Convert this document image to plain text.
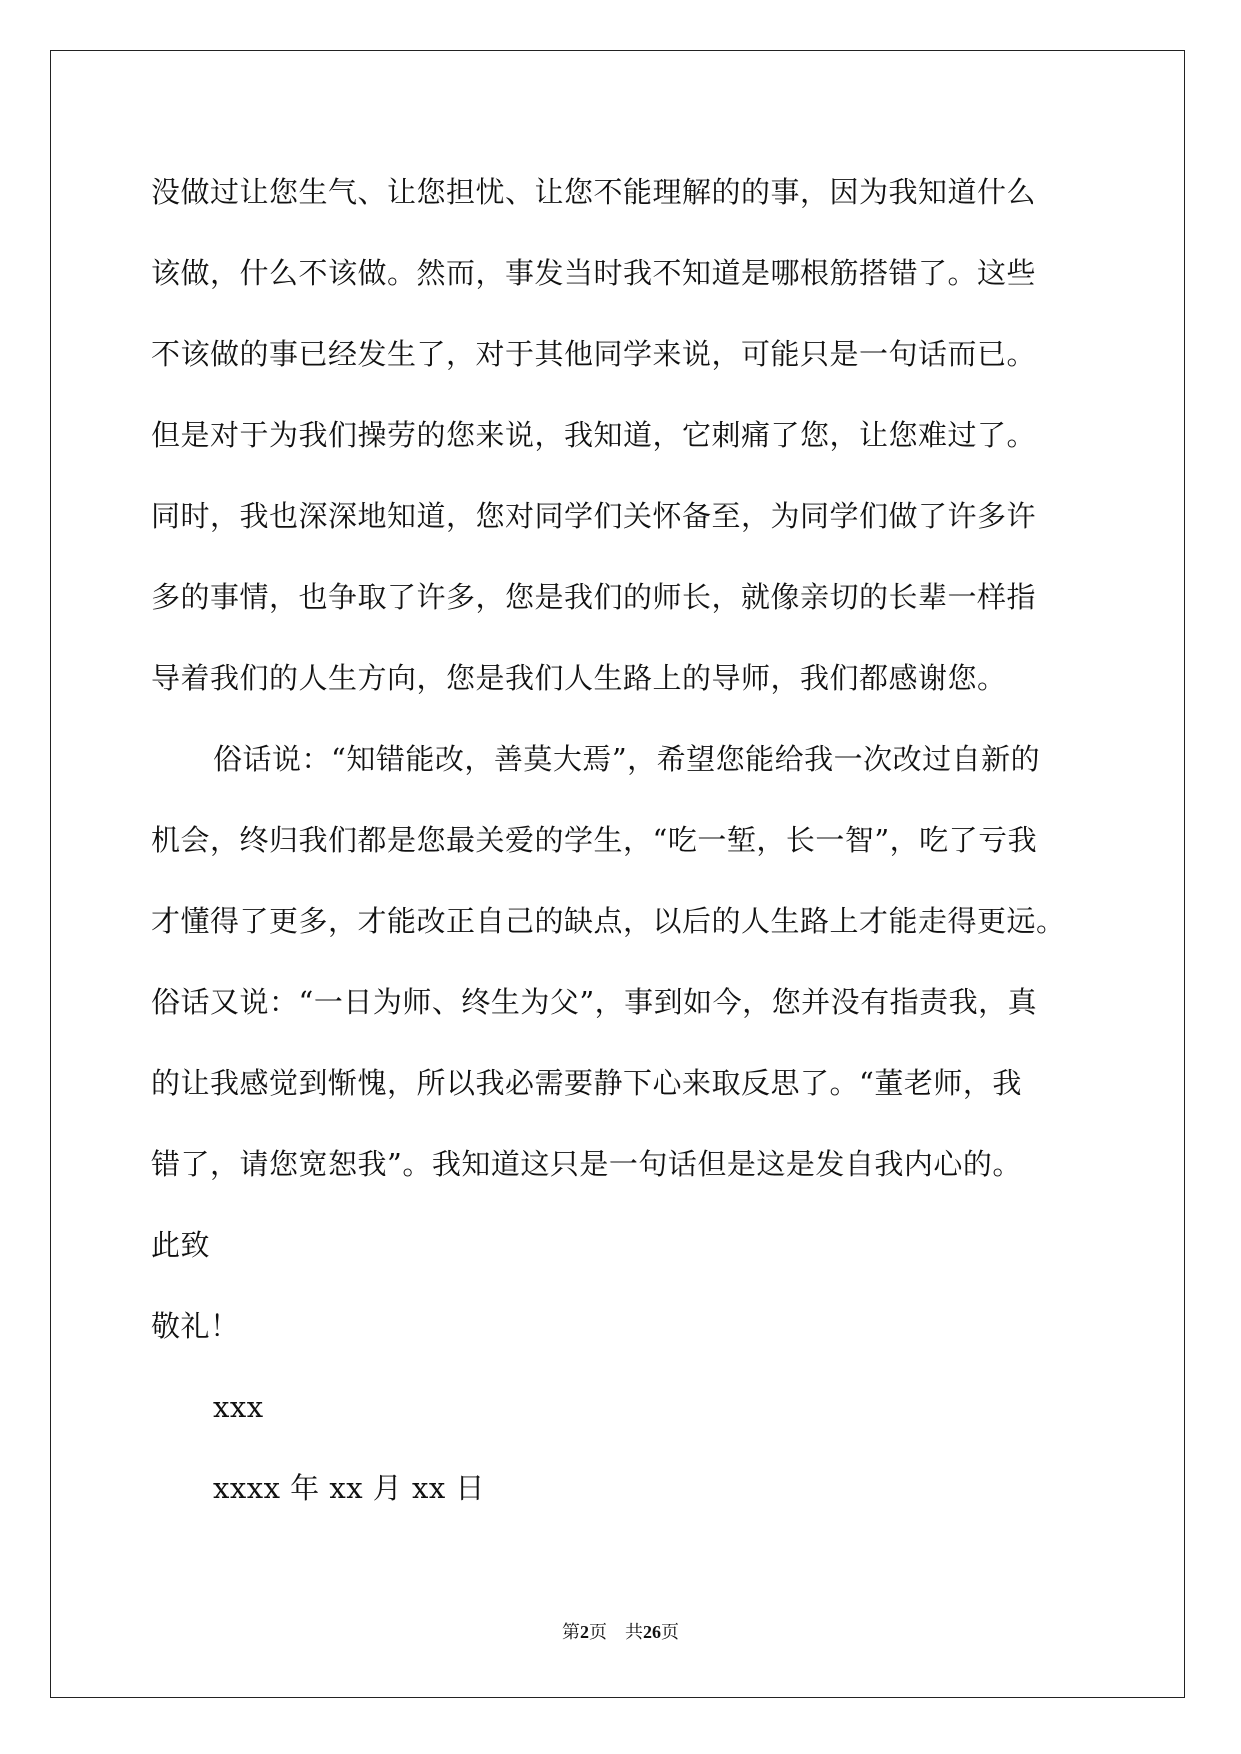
没做过让您生气、让您担忧、让您不能理解的的事，因为我知道什么

该做，什么不该做。然而，事发当时我不知道是哪根筋搭错了。这些

不该做的事已经发生了，对于其他同学来说，可能只是一句话而已。

但是对于为我们操劳的您来说，我知道，它刺痛了您，让您难过了。

同时，我也深深地知道，您对同学们关怀备至，为同学们做了许多许

多的事情，也争取了许多，您是我们的师长，就像亲切的长辈一样指

导着我们的人生方向，您是我们人生路上的导师，我们都感谢您。

俗话说：“知错能改，善莫大焉”，希望您能给我一次改过自新的

机会，终归我们都是您最关爱的学生，“吃一堑，长一智”，吃了亏我

才懂得了更多，才能改正自己的缺点，以后的人生路上才能走得更远。

俗话又说：“一日为师、终生为父”，事到如今，您并没有指责我，真

的让我感觉到惭愧，所以我必需要静下心来取反思了。“董老师，我

错了，请您宽恕我”。我知道这只是一句话但是这是发自我内心的。

此致

敬礼！

xxx

xxxx 年 xx 月 xx 日

第2页 共26页
